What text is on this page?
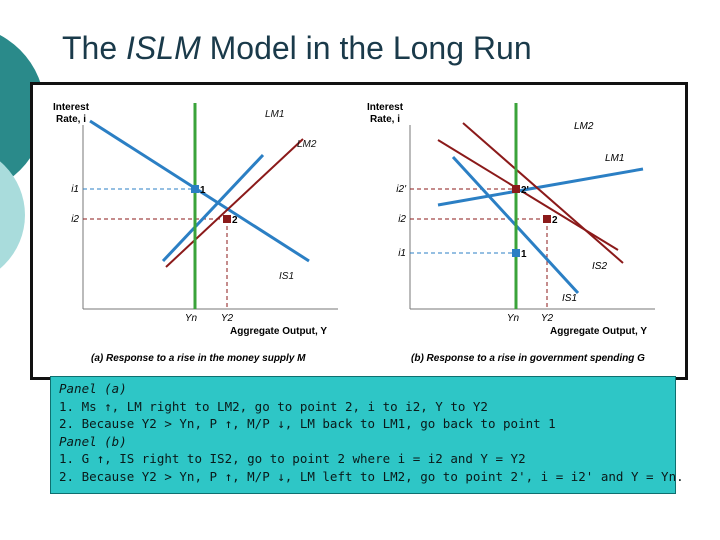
The ISLM Model in the Long Run
Interest
Rate, i	LM1
LM2
IS1
i1
i2
1
2
Yn Y2
Aggregate Output, Y
(a) Response to a rise in the money supply M
Interest
Rate, i
LM2
LM1
IS2
IS1
i2'
i2
i1
2'
2
1
Yn Y2
Aggregate Output, Y
(b) Response to a rise in government spending G
Panel (a)
1. Ms ↑, LM right to LM2, go to point 2, i to i2, Y to Y2
2. Because Y2 > Yn, P ↑, M/P ↓, LM back to LM1, go back to point 1
Panel (b)
1. G ↑, IS right to IS2, go to point 2 where i = i2 and Y = Y2
2. Because Y2 > Yn, P ↑, M/P ↓, LM left to LM2, go to point 2', i = i2' and Y = Yn.
